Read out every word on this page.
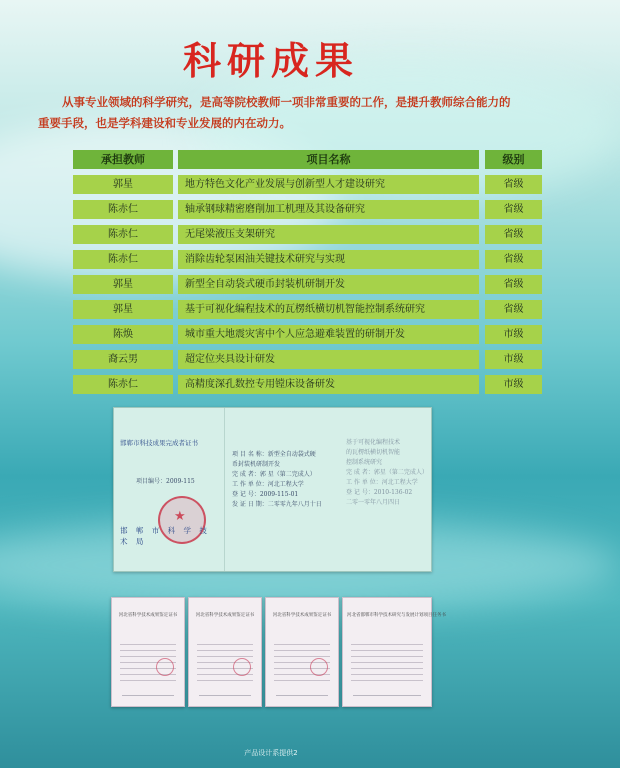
科研成果
从事专业领域的科学研究，是高等院校教师一项非常重要的工作，是提升教师综合能力的重要手段，也是学科建设和专业发展的内在动力。
承担教师	项目名称	级别
郭星	地方特色文化产业发展与创新型人才建设研究	省级
陈赤仁	轴承钢球精密磨削加工机理及其设备研究	省级
陈赤仁	无尾梁液压支架研究	省级
陈赤仁	消除齿轮泵困油关键技术研究与实现	省级
郭星	新型全自动袋式硬币封装机研制开发	省级
郭星	基于可视化编程技术的瓦楞纸横切机智能控制系统研究	省级
陈焕	城市重大地震灾害中个人应急避难装置的研制开发	市级
裔云男	超定位夹具设计研发	市级
陈赤仁	高精度深孔数控专用镗床设备研发	市级
邯郸市科技成果完成者证书
项目编号：2009-115
★
邯 郸 市 科 学 技 术 局
项 目 名 称：新型全自动袋式硬
币封装机研制开发
完 成 者：郭 星（第二完成人）
工 作 单 位：河北工程大学
登 记 号：2009-115-01
发 证 日 期：二零零九年八月十日
基于可视化编程技术
的瓦楞纸横切机智能
控制系统研究
完 成 者：郭星（第二完成人）
工 作 单 位：河北工程大学
登 记 号：2010-136-02
二零一零年八月四日
河北省科学技术成果鉴定证书	河北省科学技术成果鉴定证书	河北省科学技术成果鉴定证书	河北省邯郸市科学技术研究与发展计划项目任务书
产品设计系提供2
